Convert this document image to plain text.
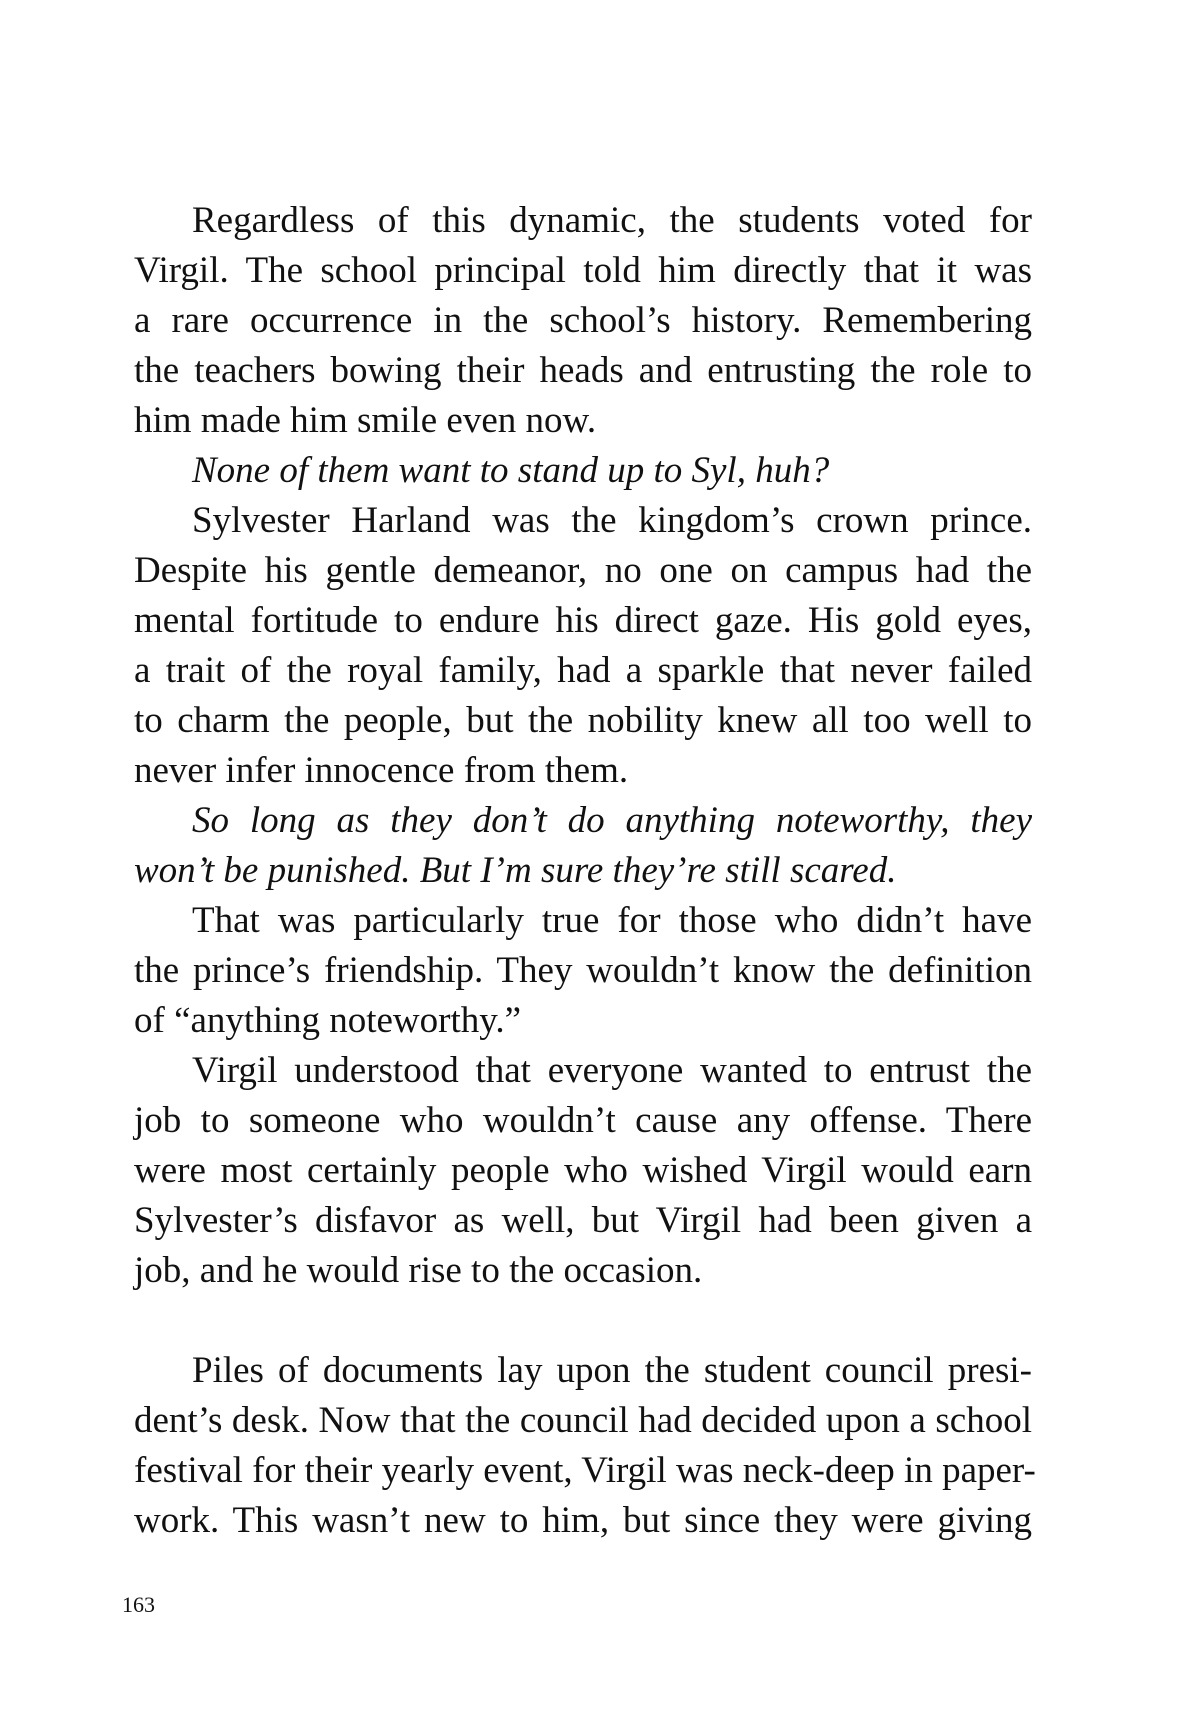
Regardless of this dynamic, the students voted for
Virgil. The school principal told him directly that it was
a rare occurrence in the school’s history. Remembering
the teachers bowing their heads and entrusting the role to
him made him smile even now.
None of them want to stand up to Syl, huh?
Sylvester Harland was the kingdom’s crown prince.
Despite his gentle demeanor, no one on campus had the
mental fortitude to endure his direct gaze. His gold eyes,
a trait of the royal family, had a sparkle that never failed
to charm the people, but the nobility knew all too well to
never infer innocence from them.
So long as they don’t do anything noteworthy, they
won’t be punished. But I’m sure they’re still scared.
That was particularly true for those who didn’t have
the prince’s friendship. They wouldn’t know the definition
of “anything noteworthy.”
Virgil understood that everyone wanted to entrust the
job to someone who wouldn’t cause any offense. There
were most certainly people who wished Virgil would earn
Sylvester’s disfavor as well, but Virgil had been given a
job, and he would rise to the occasion.
Piles of documents lay upon the student council presi-
dent’s desk. Now that the council had decided upon a school
festival for their yearly event, Virgil was neck-deep in paper-
work. This wasn’t new to him, but since they were giving
163
